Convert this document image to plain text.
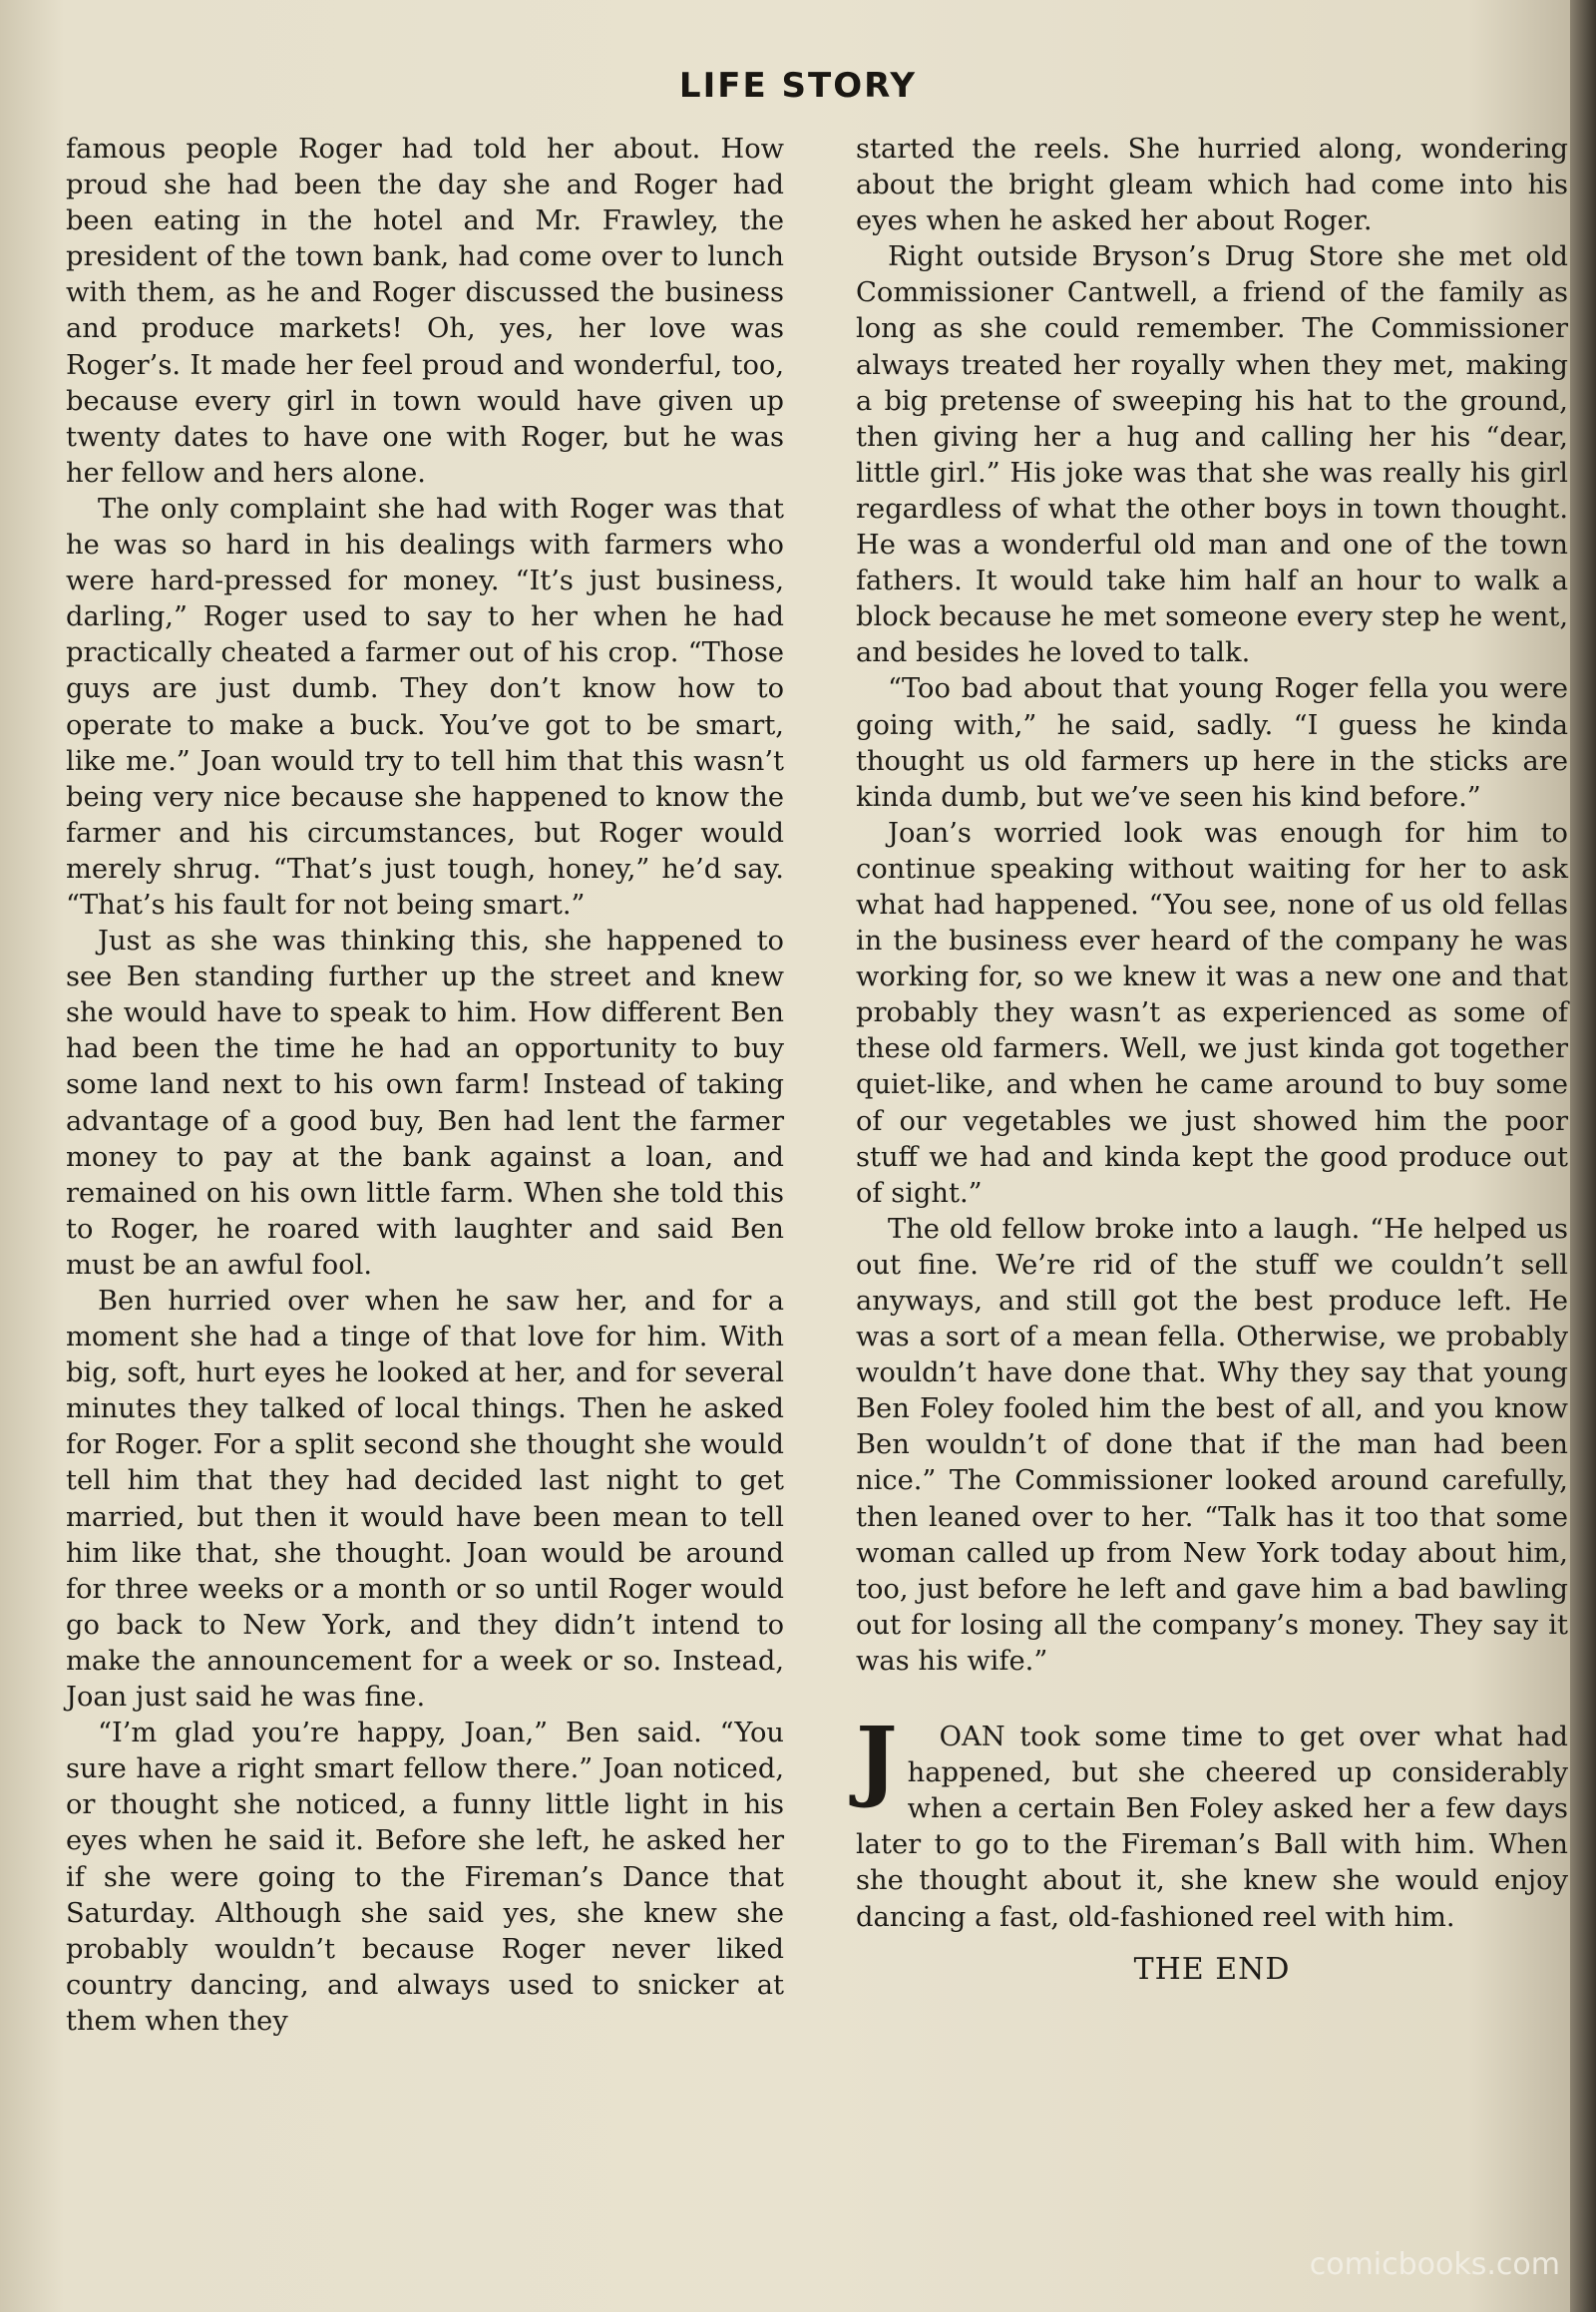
LIFE STORY

famous people Roger had told her about. How proud she had been the day she and Roger had been eating in the hotel and Mr. Frawley, the president of the town bank, had come over to lunch with them, as he and Roger discussed the business and produce markets! Oh, yes, her love was Roger’s. It made her feel proud and wonderful, too, because every girl in town would have given up twenty dates to have one with Roger, but he was her fellow and hers alone.

The only complaint she had with Roger was that he was so hard in his dealings with farmers who were hard-pressed for money. “It’s just business, darling,” Roger used to say to her when he had practically cheated a farmer out of his crop. “Those guys are just dumb. They don’t know how to operate to make a buck. You’ve got to be smart, like me.” Joan would try to tell him that this wasn’t being very nice because she happened to know the farmer and his circumstances, but Roger would merely shrug. “That’s just tough, honey,” he’d say. “That’s his fault for not being smart.”

Just as she was thinking this, she happened to see Ben standing further up the street and knew she would have to speak to him. How different Ben had been the time he had an opportunity to buy some land next to his own farm! Instead of taking advantage of a good buy, Ben had lent the farmer money to pay at the bank against a loan, and remained on his own little farm. When she told this to Roger, he roared with laughter and said Ben must be an awful fool.

Ben hurried over when he saw her, and for a moment she had a tinge of that love for him. With big, soft, hurt eyes he looked at her, and for several minutes they talked of local things. Then he asked for Roger. For a split second she thought she would tell him that they had decided last night to get married, but then it would have been mean to tell him like that, she thought. Joan would be around for three weeks or a month or so until Roger would go back to New York, and they didn’t intend to make the announcement for a week or so. Instead, Joan just said he was fine.

“I’m glad you’re happy, Joan,” Ben said. “You sure have a right smart fellow there.” Joan noticed, or thought she noticed, a funny little light in his eyes when he said it. Before she left, he asked her if she were going to the Fireman’s Dance that Saturday. Although she said yes, she knew she probably wouldn’t because Roger never liked country dancing, and always used to snicker at them when they

started the reels. She hurried along, wondering about the bright gleam which had come into his eyes when he asked her about Roger.

Right outside Bryson’s Drug Store she met old Commissioner Cantwell, a friend of the family as long as she could remember. The Commissioner always treated her royally when they met, making a big pretense of sweeping his hat to the ground, then giving her a hug and calling her his “dear, little girl.” His joke was that she was really his girl regardless of what the other boys in town thought. He was a wonderful old man and one of the town fathers. It would take him half an hour to walk a block because he met someone every step he went, and besides he loved to talk.

“Too bad about that young Roger fella you were going with,” he said, sadly. “I guess he kinda thought us old farmers up here in the sticks are kinda dumb, but we’ve seen his kind before.”

Joan’s worried look was enough for him to continue speaking without waiting for her to ask what had happened. “You see, none of us old fellas in the business ever heard of the company he was working for, so we knew it was a new one and that probably they wasn’t as experienced as some of these old farmers. Well, we just kinda got together quiet-like, and when he came around to buy some of our vegetables we just showed him the poor stuff we had and kinda kept the good produce out of sight.”

The old fellow broke into a laugh. “He helped us out fine. We’re rid of the stuff we couldn’t sell anyways, and still got the best produce left. He was a sort of a mean fella. Otherwise, we probably wouldn’t have done that. Why they say that young Ben Foley fooled him the best of all, and you know Ben wouldn’t of done that if the man had been nice.” The Commissioner looked around carefully, then leaned over to her. “Talk has it too that some woman called up from New York today about him, too, just before he left and gave him a bad bawling out for losing all the company’s money. They say it was his wife.”

J	OAN took some time to get over what had happened, but she cheered up considerably when a certain Ben Foley asked her a few days later to go to the Fireman’s Ball with him. When she thought about it, she knew she would enjoy dancing a fast, old-fashioned reel with him.

THE END
comicbooks.com
